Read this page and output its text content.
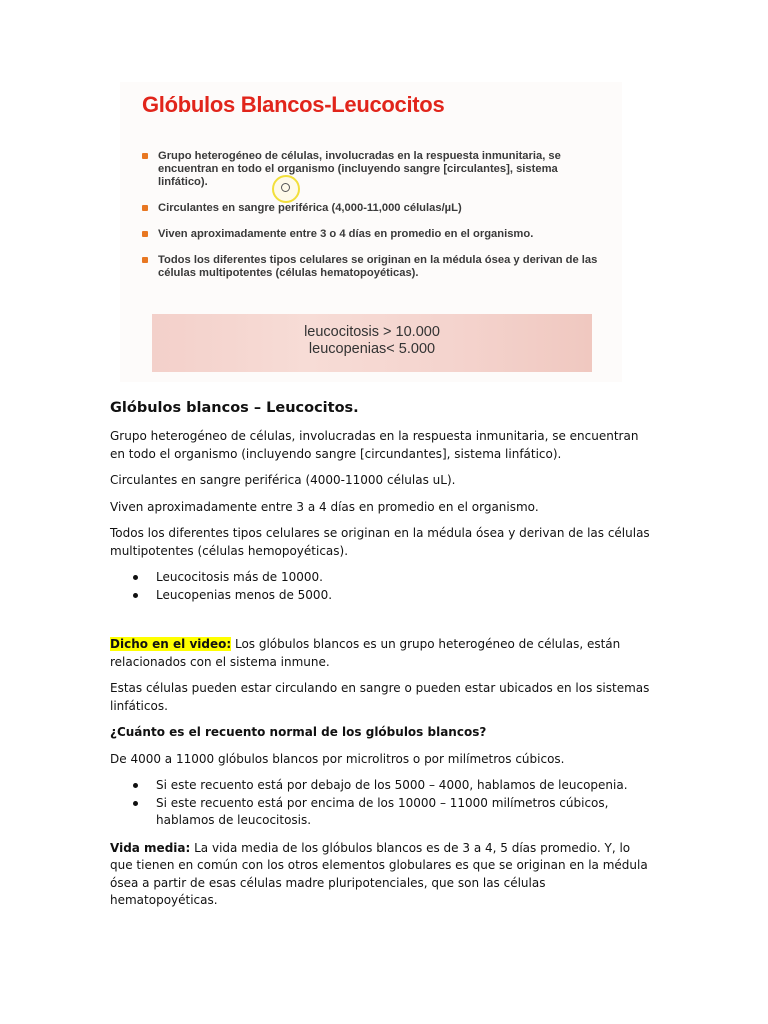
Glóbulos Blancos-Leucocitos
Grupo heterogéneo de células, involucradas en la respuesta inmunitaria, se encuentran en todo el organismo (incluyendo sangre [circulantes], sistema linfático).
Circulantes en sangre periférica (4,000-11,000 células/µL)
Viven aproximadamente entre 3 o 4 días en promedio en el organismo.
Todos los diferentes tipos celulares se originan en la médula ósea y derivan de las células multipotentes (células hematopoyéticas).
leucocitosis > 10.000
leucopenias< 5.000
Glóbulos blancos – Leucocitos.

Grupo heterogéneo de células, involucradas en la respuesta inmunitaria, se encuentran en todo el organismo (incluyendo sangre [circundantes], sistema linfático).

Circulantes en sangre periférica (4000-11000 células uL).

Viven aproximadamente entre 3 a 4 días en promedio en el organismo.

Todos los diferentes tipos celulares se originan en la médula ósea y derivan de las células multipotentes (células hemopoyéticas).

Leucocitosis más de 10000.
Leucopenias menos de 5000.

Dicho en el video: Los glóbulos blancos es un grupo heterogéneo de células, están relacionados con el sistema inmune.

Estas células pueden estar circulando en sangre o pueden estar ubicados en los sistemas linfáticos.

¿Cuánto es el recuento normal de los glóbulos blancos?

De 4000 a 11000 glóbulos blancos por microlitros o por milímetros cúbicos.

Si este recuento está por debajo de los 5000 – 4000, hablamos de leucopenia.
Si este recuento está por encima de los 10000 – 11000 milímetros cúbicos, hablamos de leucocitosis.

Vida media: La vida media de los glóbulos blancos es de 3 a 4, 5 días promedio. Y, lo que tienen en común con los otros elementos globulares es que se originan en la médula ósea a partir de esas células madre pluripotenciales, que son las células hematopoyéticas.
